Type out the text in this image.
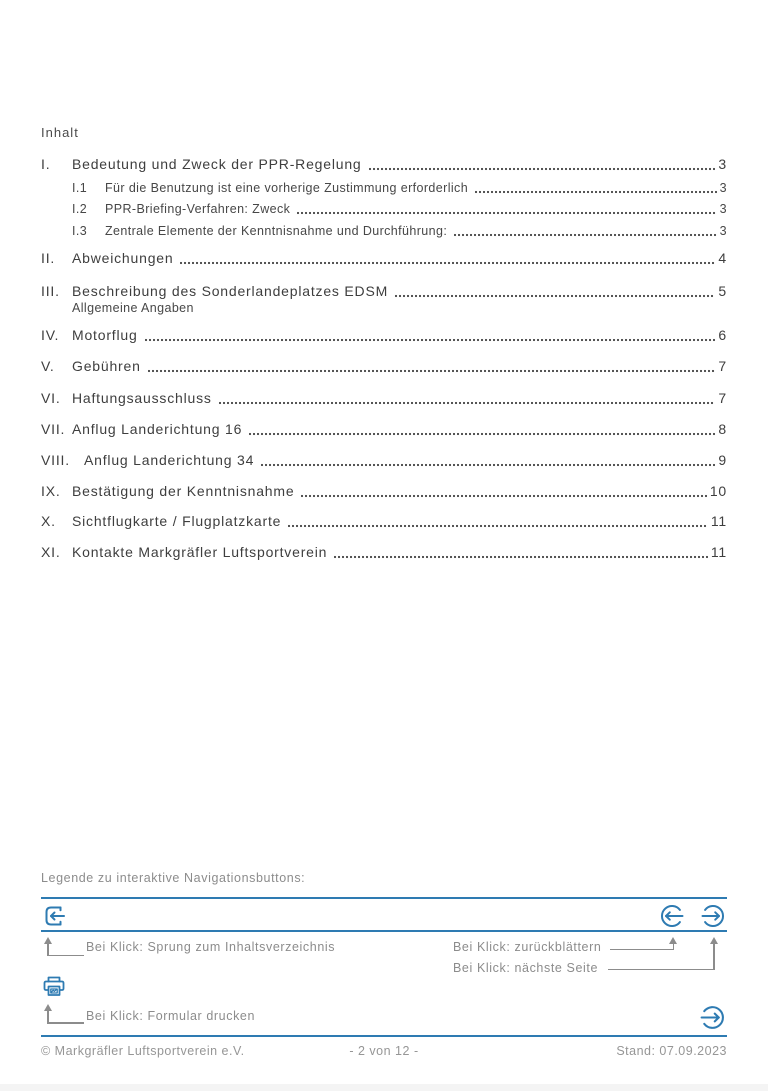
Inhalt
I.	Bedeutung und Zweck der PPR-Regelung	3
I.1	Für die Benutzung ist eine vorherige Zustimmung erforderlich	3
I.2	PPR-Briefing-Verfahren: Zweck	3
I.3	Zentrale Elemente der Kenntnisnahme und Durchführung:	3
II.	Abweichungen	4
III. Beschreibung des Sonderlandeplatzes EDSM	5
Allgemeine Angaben
IV. Motorflug	6
V.	Gebühren	7
VI. Haftungsausschluss	7
VII. Anflug Landerichtung 16	8
VIII. Anflug Landerichtung 34	9
IX. Bestätigung der Kenntnisnahme	10
X.	Sichtflugkarte / Flugplatzkarte	11
XI. Kontakte Markgräfler Luftsportverein	11
Legende zu interaktive Navigationsbuttons:
Bei Klick: Sprung zum Inhaltsverzeichnis	Bei Klick: zurückblättern
Bei Klick: nächste Seite
Bei Klick: Formular drucken
© Markgräfler Luftsportverein e.V.	- 2 von 12 -	Stand: 07.09.2023
